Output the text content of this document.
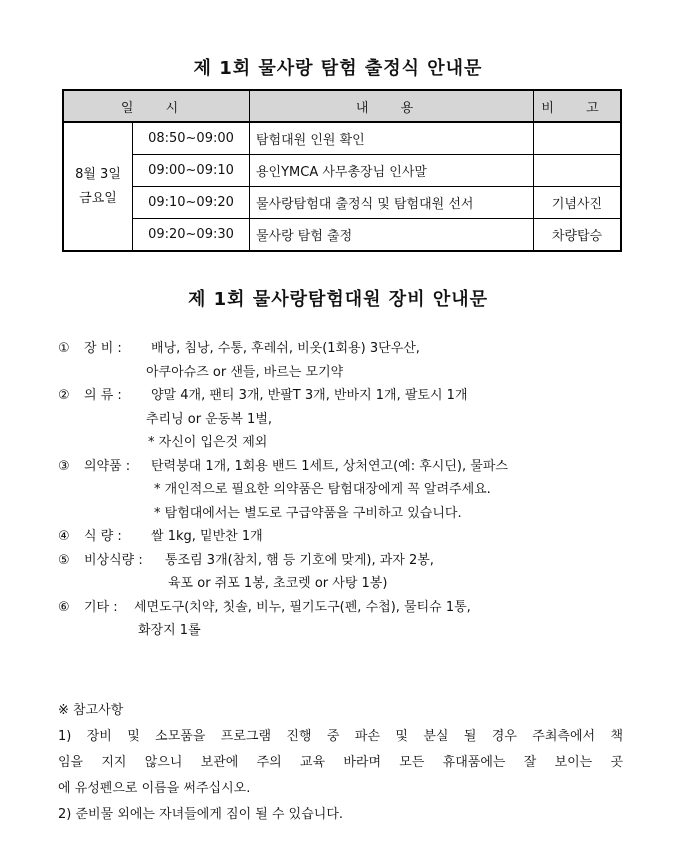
제 1회 물사랑 탐험 출정식 안내문
일 시		내 용	비 고

8월 3일
금요일	08:50~09:00	탐험대원 인원 확인	
	09:00~09:10	용인YMCA 사무총장님 인사말	
	09:10~09:20	물사랑탐험대 출정식 및 탐험대원 선서	기념사진
	09:20~09:30	물사랑 탐험 출정	차량탑승
제 1회 물사랑탐험대원 장비 안내문
①	장 비 : 배낭, 침낭, 수통, 후레쉬, 비옷(1회용) 3단우산,
아쿠아슈즈 or 샌들, 바르는 모기약
②	의 류 : 양말 4개, 팬티 3개, 반팔T 3개, 반바지 1개, 팔토시 1개
추리닝 or 운동복 1벌,
* 자신이 입은것 제외
③	의약품 : 탄력붕대 1개, 1회용 밴드 1세트, 상처연고(예: 후시딘), 물파스
* 개인적으로 필요한 의약품은 탐험대장에게 꼭 알려주세요.
* 탐험대에서는 별도로 구급약품을 구비하고 있습니다.
④	식 량 : 쌀 1kg, 밑반찬 1개
⑤	비상식량 : 통조림 3개(참치, 햄 등 기호에 맞게), 과자 2봉,
육포 or 쥐포 1봉, 초코렛 or 사탕 1봉)
⑥	기타 : 세면도구(치약, 칫솔, 비누, 필기도구(펜, 수첩), 물티슈 1통,
화장지 1롤
※ 참고사항
1) 장비 및 소모품을 프로그램 진행 중 파손 및 분실 될 경우 주최측에서 책
임을 지지 않으니 보관에 주의 교육 바라며 모든 휴대품에는 잘 보이는 곳
에 유성펜으로 이름을 써주십시오.
2) 준비물 외에는 자녀들에게 짐이 될 수 있습니다.
